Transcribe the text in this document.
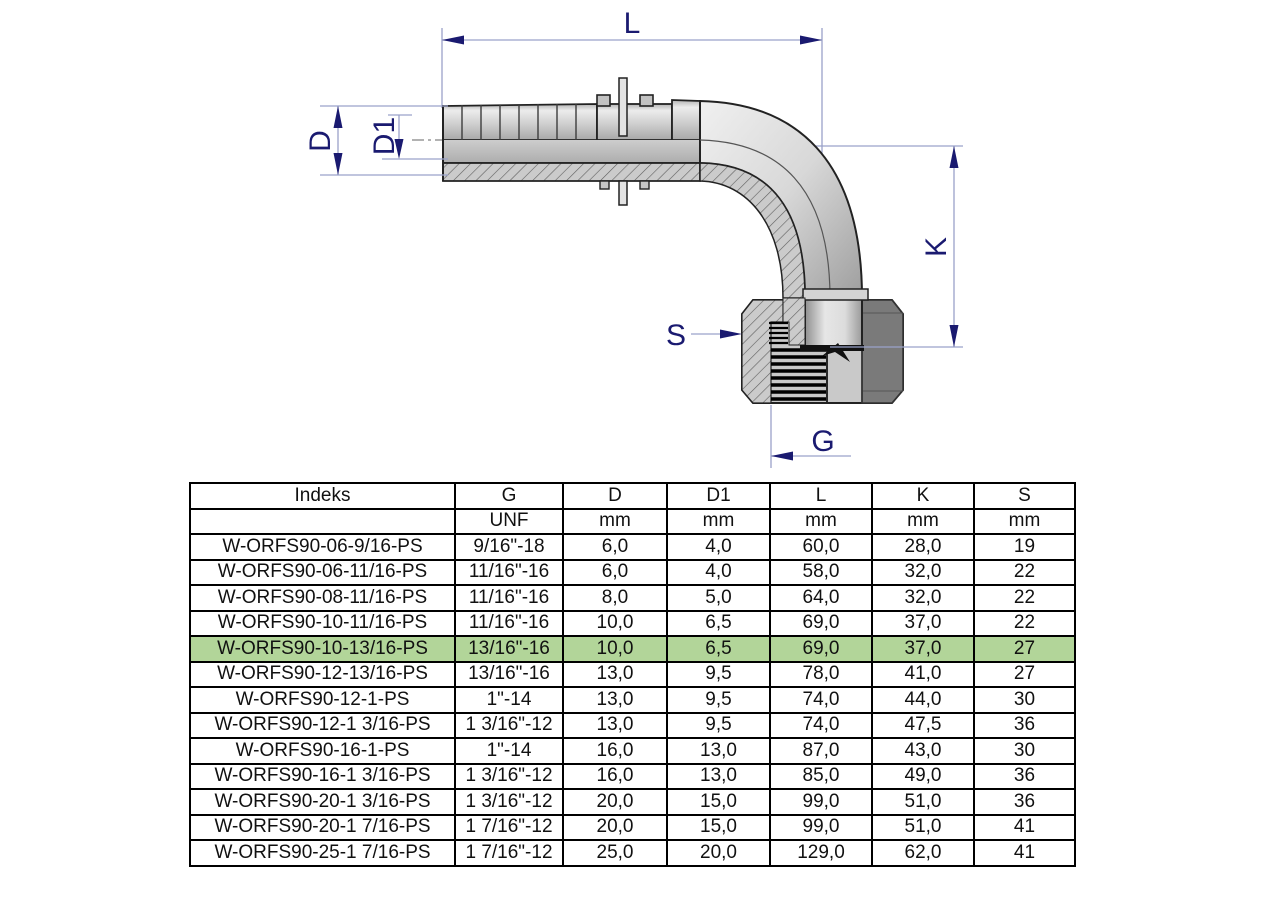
L
D D1
K
S
G
Indeks	G	D	D1	L	K	S
	UNF	mm	mm	mm	mm	mm
W-ORFS90-06-9/16-PS	9/16"-18	6,0	4,0	60,0	28,0	19
W-ORFS90-06-11/16-PS	11/16"-16	6,0	4,0	58,0	32,0	22
W-ORFS90-08-11/16-PS	11/16"-16	8,0	5,0	64,0	32,0	22
W-ORFS90-10-11/16-PS	11/16"-16	10,0	6,5	69,0	37,0	22
W-ORFS90-10-13/16-PS	13/16"-16	10,0	6,5	69,0	37,0	27
W-ORFS90-12-13/16-PS	13/16"-16	13,0	9,5	78,0	41,0	27
W-ORFS90-12-1-PS	1"-14	13,0	9,5	74,0	44,0	30
W-ORFS90-12-1 3/16-PS	1 3/16"-12	13,0	9,5	74,0	47,5	36
W-ORFS90-16-1-PS	1"-14	16,0	13,0	87,0	43,0	30
W-ORFS90-16-1 3/16-PS	1 3/16"-12	16,0	13,0	85,0	49,0	36
W-ORFS90-20-1 3/16-PS	1 3/16"-12	20,0	15,0	99,0	51,0	36
W-ORFS90-20-1 7/16-PS	1 7/16"-12	20,0	15,0	99,0	51,0	41
W-ORFS90-25-1 7/16-PS	1 7/16"-12	25,0	20,0	129,0	62,0	41
